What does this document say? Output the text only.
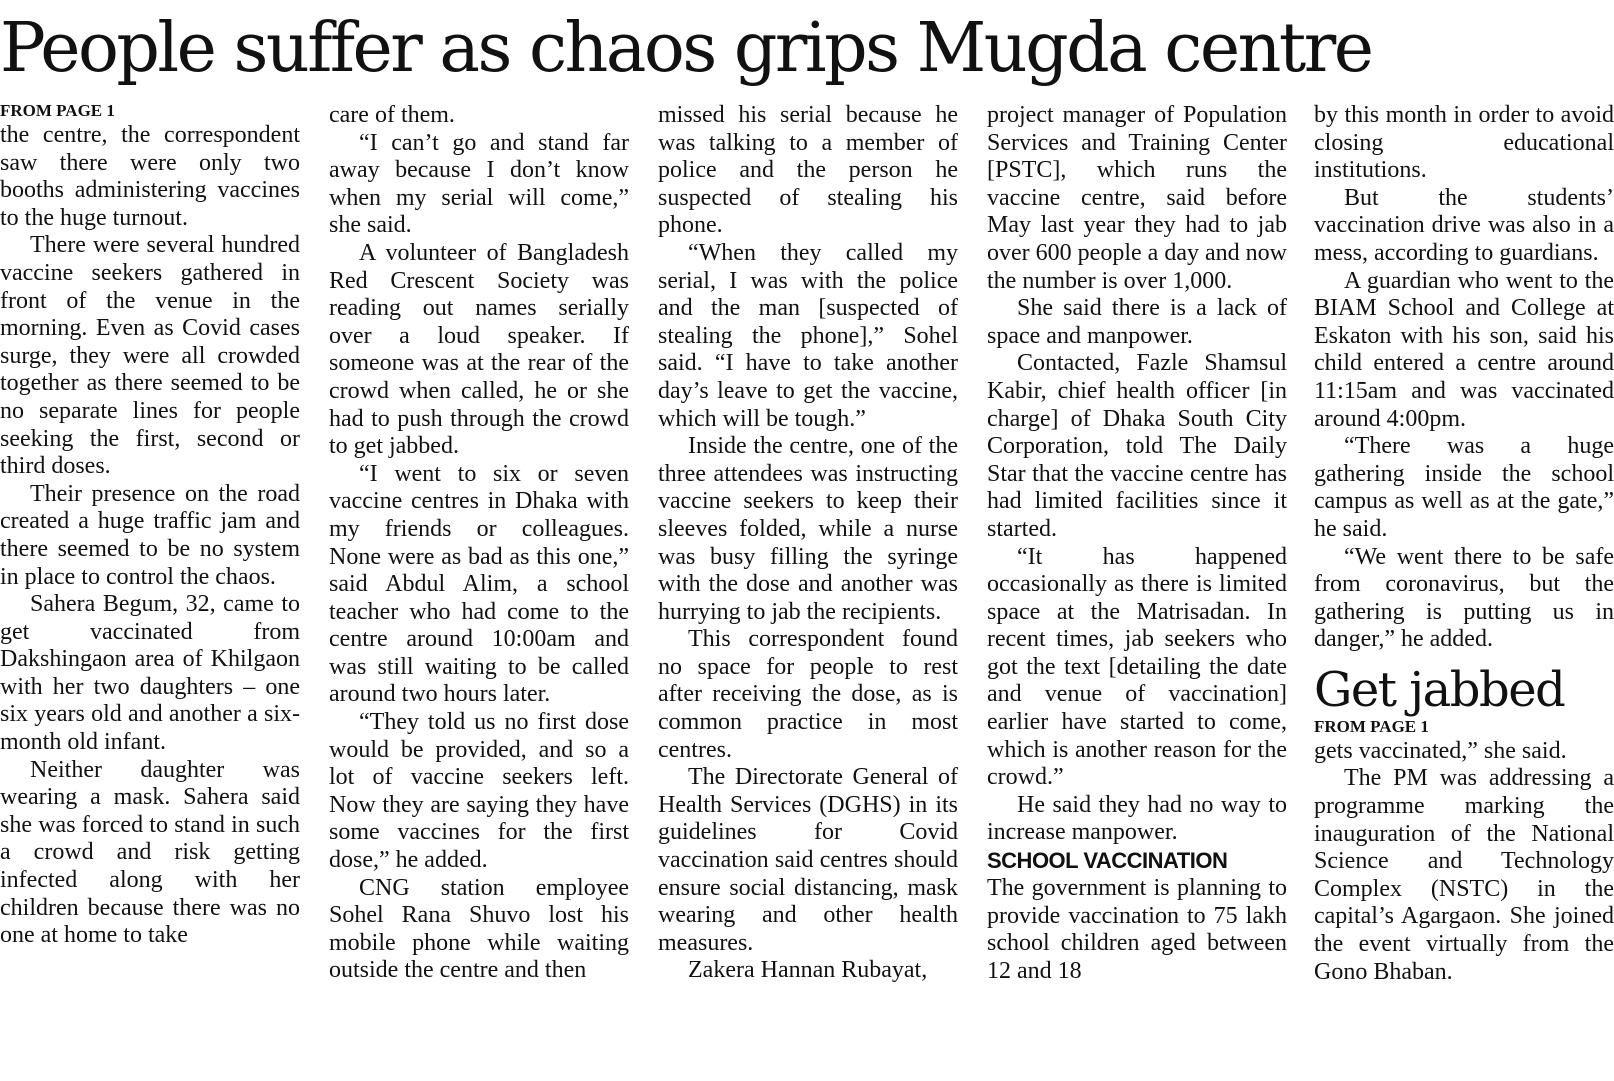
People suffer as chaos grips Mugda centre
FROM PAGE 1

the centre, the correspondent saw there were only two booths administering vaccines to the huge turnout.

There were several hundred vaccine seekers gathered in front of the venue in the morning. Even as Covid cases surge, they were all crowded together as there seemed to be no separate lines for people seeking the first, second or third doses.

Their presence on the road created a huge traffic jam and there seemed to be no system in place to control the chaos.

Sahera Begum, 32, came to get vaccinated from Dakshingaon area of Khilgaon with her two daughters – one six years old and another a six-month old infant.

Neither daughter was wearing a mask. Sahera said she was forced to stand in such a crowd and risk getting infected along with her children because there was no one at home to take

care of them.

“I can’t go and stand far away because I don’t know when my serial will come,” she said.

A volunteer of Bangladesh Red Crescent Society was reading out names serially over a loud speaker. If someone was at the rear of the crowd when called, he or she had to push through the crowd to get jabbed.

“I went to six or seven vaccine centres in Dhaka with my friends or colleagues. None were as bad as this one,” said Abdul Alim, a school teacher who had come to the centre around 10:00am and was still waiting to be called around two hours later.

“They told us no first dose would be provided, and so a lot of vaccine seekers left. Now they are saying they have some vaccines for the first dose,” he added.

CNG station employee Sohel Rana Shuvo lost his mobile phone while waiting outside the centre and then

missed his serial because he was talking to a member of police and the person he suspected of stealing his phone.

“When they called my serial, I was with the police and the man [suspected of stealing the phone],” Sohel said. “I have to take another day’s leave to get the vaccine, which will be tough.”

Inside the centre, one of the three attendees was instructing vaccine seekers to keep their sleeves folded, while a nurse was busy filling the syringe with the dose and another was hurrying to jab the recipients.

This correspondent found no space for people to rest after receiving the dose, as is common practice in most centres.

The Directorate General of Health Services (DGHS) in its guidelines for Covid vaccination said centres should ensure social distancing, mask wearing and other health measures.

Zakera Hannan Rubayat,

project manager of Population Services and Training Center [PSTC], which runs the vaccine centre, said before May last year they had to jab over 600 people a day and now the number is over 1,000.

She said there is a lack of space and manpower.

Contacted, Fazle Shamsul Kabir, chief health officer [in charge] of Dhaka South City Corporation, told The Daily Star that the vaccine centre has had limited facilities since it started.

“It has happened occasionally as there is limited space at the Matrisadan. In recent times, jab seekers who got the text [detailing the date and venue of vaccination] earlier have started to come, which is another reason for the crowd.”

He said they had no way to increase manpower.

SCHOOL VACCINATION

The government is planning to provide vaccination to 75 lakh school children aged between 12 and 18

by this month in order to avoid closing educational institutions.

But the students’ vaccination drive was also in a mess, according to guardians.

A guardian who went to the BIAM School and College at Eskaton with his son, said his child entered a centre around 11:15am and was vaccinated around 4:00pm.

“There was a huge gathering inside the school campus as well as at the gate,” he said.

“We went there to be safe from coronavirus, but the gathering is putting us in danger,” he added.

Get jabbed
FROM PAGE 1

gets vaccinated,” she said.

The PM was addressing a programme marking the inauguration of the National Science and Technology Complex (NSTC) in the capital’s Agargaon. She joined the event virtually from the Gono Bhaban.
